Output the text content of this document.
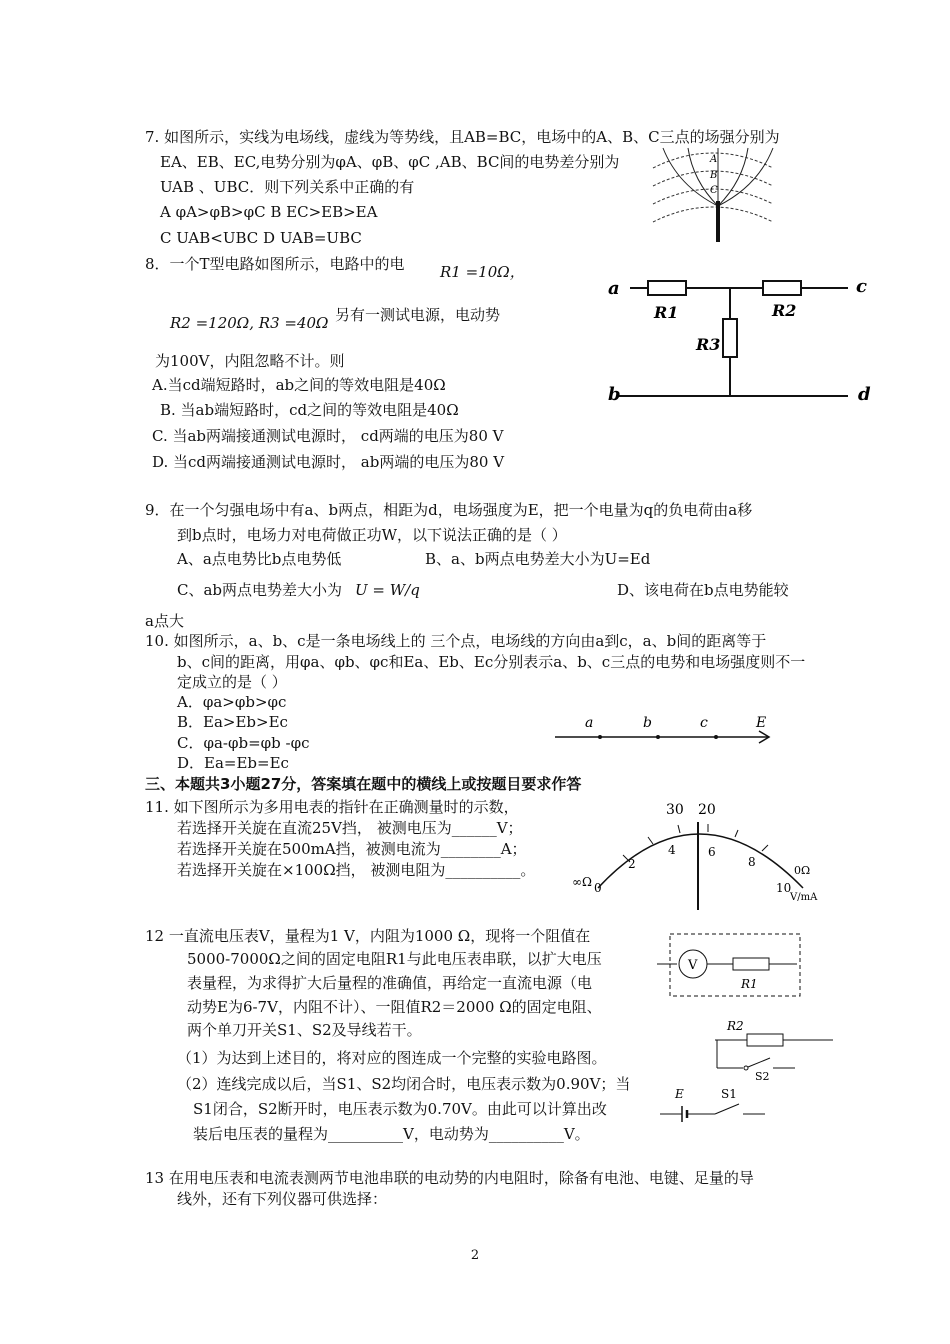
7. 如图所示，实线为电场线，虚线为等势线，且AB=BC，电场中的A、B、C三点的场强分别为
EA、EB、EC,电势分别为φA、φB、φC ,AB、BC间的电势差分别为
UAB 、UBC．则下列关系中正确的有
A φA>φB>φC B EC>EB>EA
C UAB<UBC D UAB=UBC
A
B
C
8．一个T型电路如图所示，电路中的电 R1 =10Ω，
R2 =120Ω, R3 =40Ω 另有一测试电源，电动势
为100V，内阻忽略不计。则
A.当cd端短路时，ab之间的等效电阻是40Ω
B. 当ab端短路时，cd之间的等效电阻是40Ω
C. 当ab两端接通测试电源时， cd两端的电压为80 V
D. 当cd两端接通测试电源时， ab两端的电压为80 V
a	c
b	d
R1	R2
R3
9．在一个匀强电场中有a、b两点，相距为d，电场强度为E，把一个电量为q的负电荷由a移
到b点时，电场力对电荷做正功W，以下说法正确的是（ ）
A、a点电势比b点电势低	B、a、b两点电势差大小为U=Ed
C、ab两点电势差大小为 U = W/q	D、该电荷在b点电势能较
a点大
10. 如图所示，a、b、c是一条电场线上的 三个点，电场线的方向由a到c，a、b间的距离等于
b、c间的距离，用φa、φb、φc和Ea、Eb、Ec分别表示a、b、c三点的电势和电场强度则不一
定成立的是（ ）
A．φa>φb>φc
B．Ea>Eb>Ec
C．φa-φb=φb -φc
D．Ea=Eb=Ec
a	b	c	E
三、本题共3小题27分，答案填在题中的横线上或按题目要求作答
11. 如下图所示为多用电表的指针在正确测量时的示数，
若选择开关旋在直流25V挡， 被测电压为______V；
若选择开关旋在500mA挡，被测电流为________A；
若选择开关旋在×100Ω挡， 被测电阻为__________。
30 20
∞Ω 0
2
4	6
8
10
0Ω
V/mA
12 一直流电压表V，量程为1 V，内阻为1000 Ω，现将一个阻值在
5000-7000Ω之间的固定电阻R1与此电压表串联，以扩大电压
表量程，为求得扩大后量程的准确值，再给定一直流电源（电
动势E为6-7V，内阻不计）、一阻值R2＝2000 Ω的固定电阻、
两个单刀开关S1、S2及导线若干。
（1）为达到上述目的，将对应的图连成一个完整的实验电路图。
（2）连线完成以后，当S1、S2均闭合时，电压表示数为0.90V；当
S1闭合，S2断开时，电压表示数为0.70V。由此可以计算出改
装后电压表的量程为__________V，电动势为__________V。
V
R1
R2
S2
E	S1
13 在用电压表和电流表测两节电池串联的电动势的内电阻时，除备有电池、电键、足量的导
线外，还有下列仪器可供选择：
2
